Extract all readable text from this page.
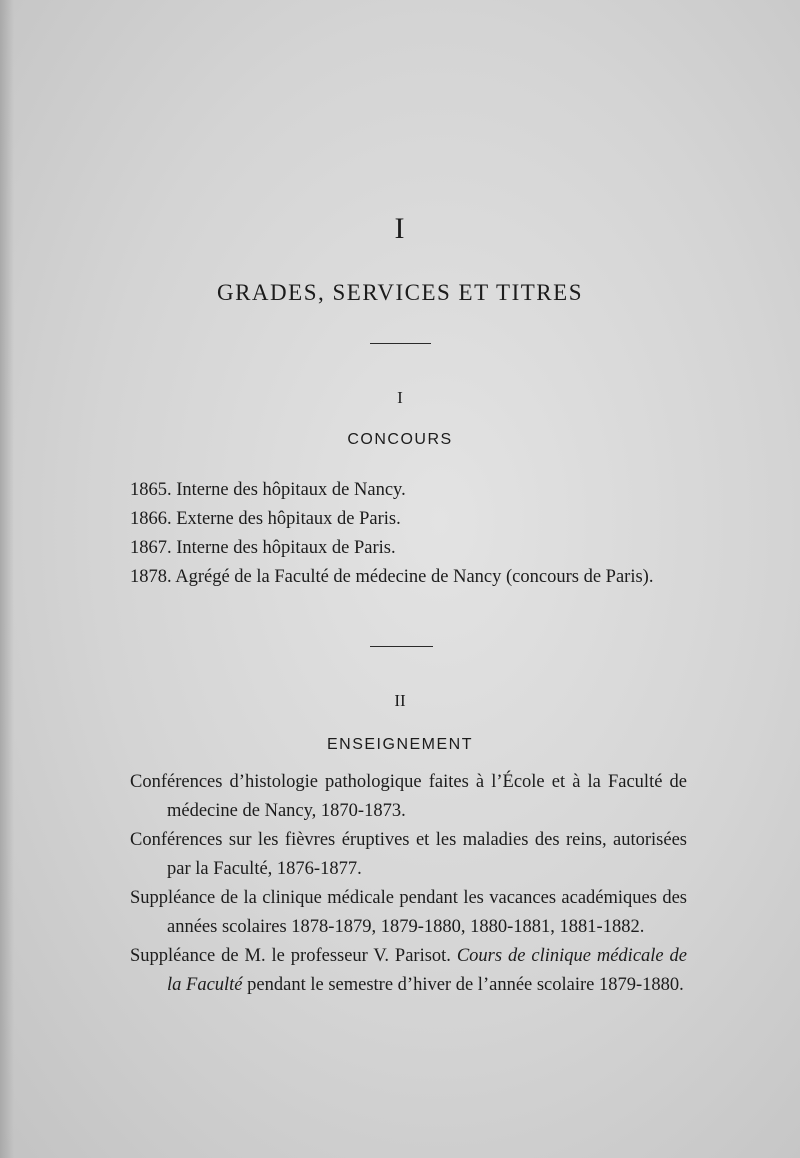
I
GRADES, SERVICES ET TITRES
I
CONCOURS
1865. Interne des hôpitaux de Nancy.
1866. Externe des hôpitaux de Paris.
1867. Interne des hôpitaux de Paris.
1878. Agrégé de la Faculté de médecine de Nancy (concours de Paris).
II
ENSEIGNEMENT
Conférences d’histologie pathologique faites à l’École et à la Faculté de médecine de Nancy, 1870-1873.
Conférences sur les fièvres éruptives et les maladies des reins, autorisées par la Faculté, 1876-1877.
Suppléance de la clinique médicale pendant les vacances académiques des années scolaires 1878-1879, 1879-1880, 1880-1881, 1881-1882.
Suppléance de M. le professeur V. Parisot. Cours de clinique médicale de la Faculté pendant le semestre d’hiver de l’année scolaire 1879-1880.
